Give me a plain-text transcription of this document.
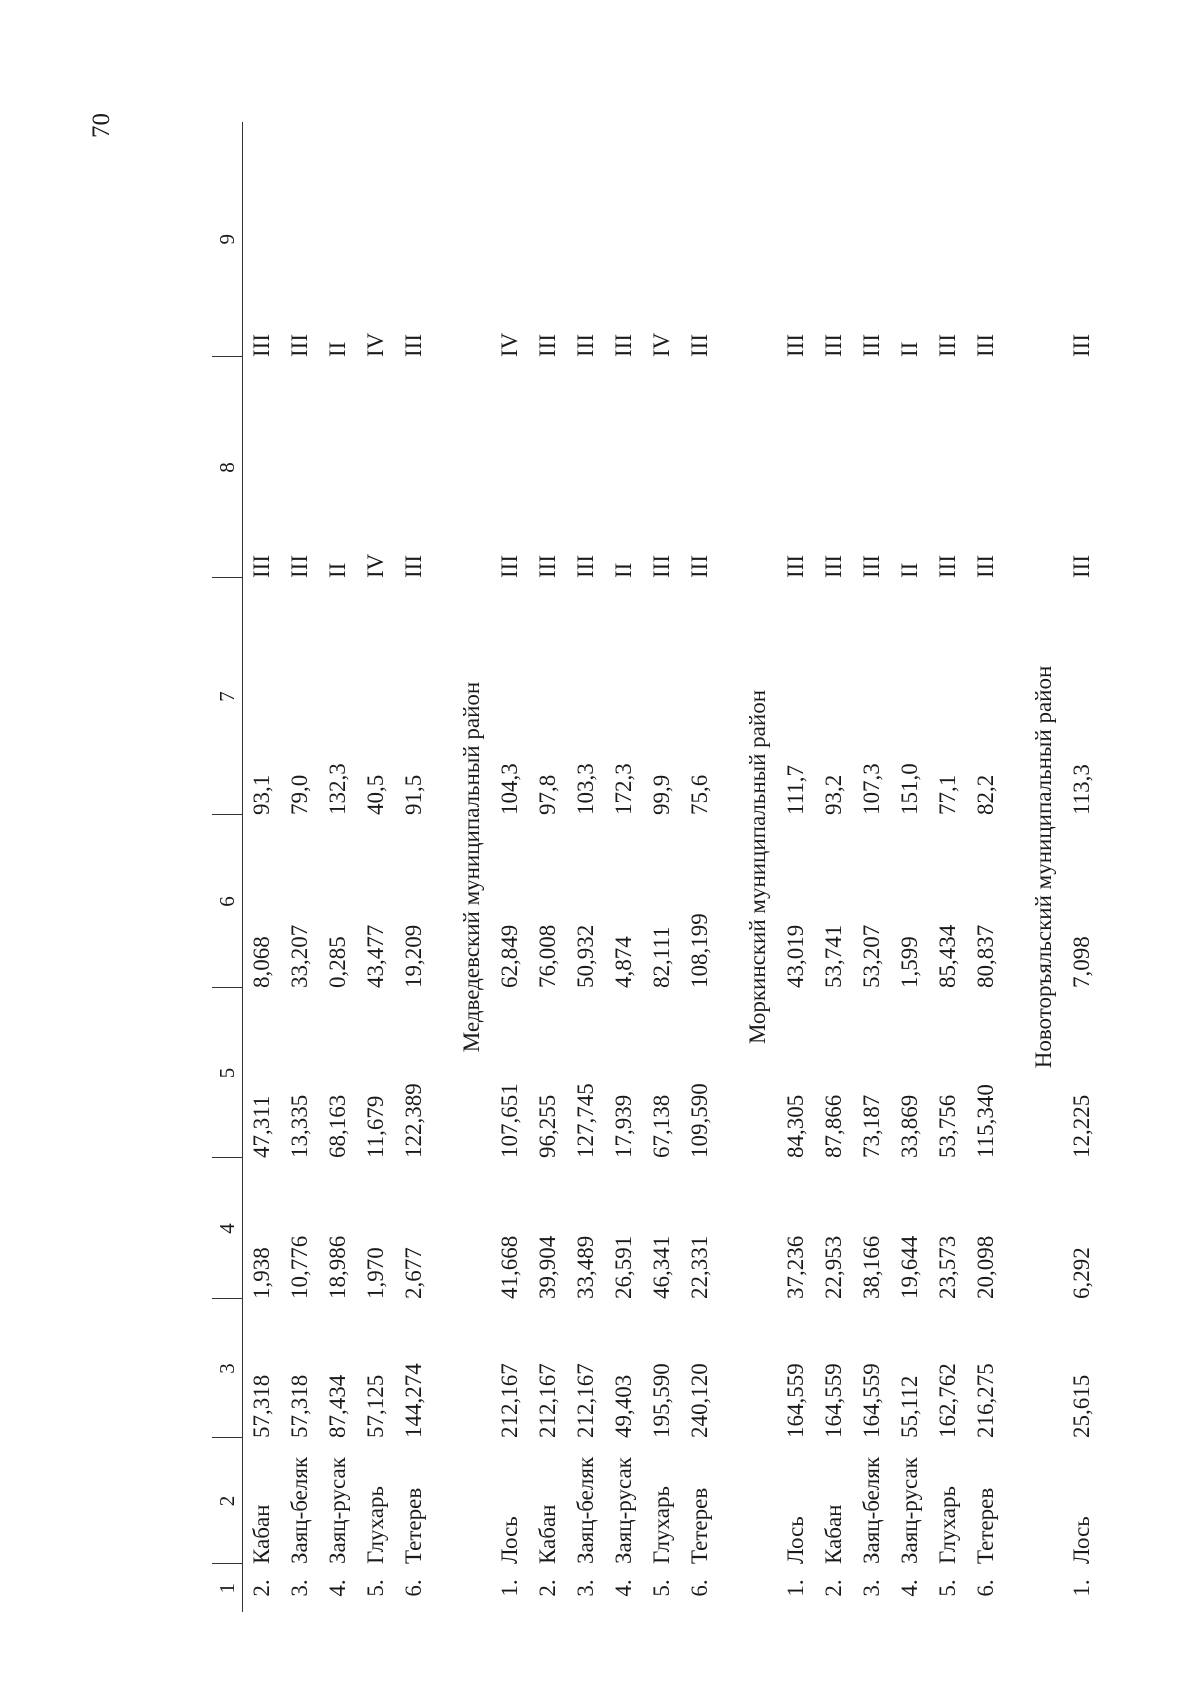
70
1	2	3	4	5	6	7	8	9
2.	Кабан	57,318	1,938	47,311	8,068	93,1	III	III
3.	Заяц-беляк	57,318	10,776	13,335	33,207	79,0	III	III
4.	Заяц-русак	87,434	18,986	68,163	0,285	132,3	II	II
5.	Глухарь	57,125	1,970	11,679	43,477	40,5	IV	IV
6.	Тетерев	144,274	2,677	122,389	19,209	91,5	III	III

Медведевский муниципальный район								
1.	Лось	212,167	41,668	107,651	62,849	104,3	III	IV
2.	Кабан	212,167	39,904	96,255	76,008	97,8	III	III
3.	Заяц-беляк	212,167	33,489	127,745	50,932	103,3	III	III
4.	Заяц-русак	49,403	26,591	17,939	4,874	172,3	II	III
5.	Глухарь	195,590	46,341	67,138	82,111	99,9	III	IV
6.	Тетерев	240,120	22,331	109,590	108,199	75,6	III	III

Моркинский муниципальный район								
1.	Лось	164,559	37,236	84,305	43,019	111,7	III	III
2.	Кабан	164,559	22,953	87,866	53,741	93,2	III	III
3.	Заяц-беляк	164,559	38,166	73,187	53,207	107,3	III	III
4.	Заяц-русак	55,112	19,644	33,869	1,599	151,0	II	II
5.	Глухарь	162,762	23,573	53,756	85,434	77,1	III	III
6.	Тетерев	216,275	20,098	115,340	80,837	82,2	III	III

Новоторъяльский муниципальный район								
1.	Лось	25,615	6,292	12,225	7,098	113,3	III	III
